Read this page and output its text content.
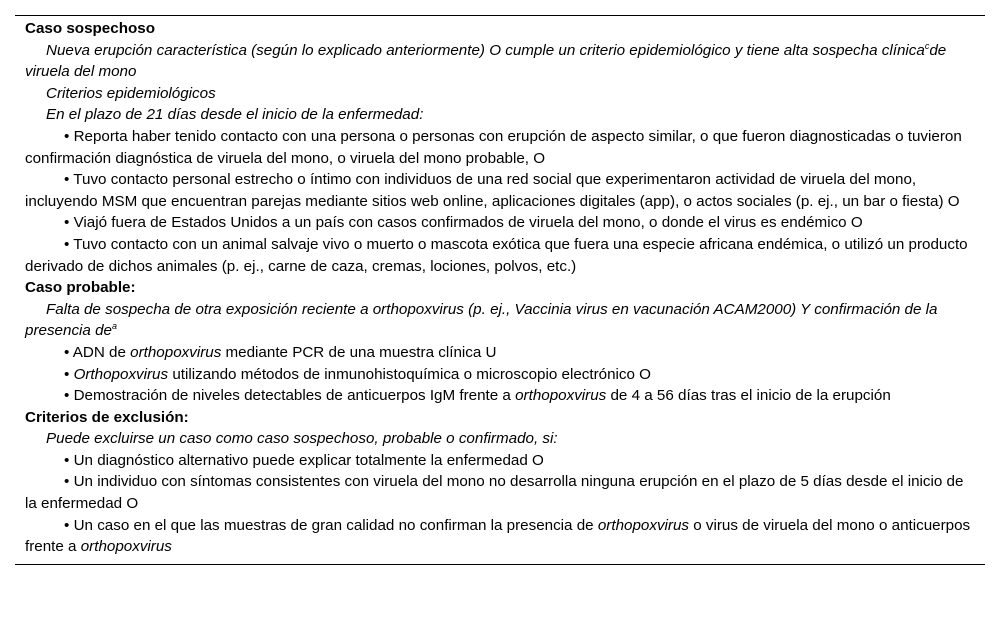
Caso sospechoso

Nueva erupción característica (según lo explicado anteriormente) O cumple un criterio epidemiológico y tiene alta sospecha clínica$^c$de viruela del mono

Criterios epidemiológicos

En el plazo de 21 días desde el inicio de la enfermedad:

• Reporta haber tenido contacto con una persona o personas con erupción de aspecto similar, o que fueron diagnosticadas o tuvieron confirmación diagnóstica de viruela del mono, o viruela del mono probable, O

• Tuvo contacto personal estrecho o íntimo con individuos de una red social que experimentaron actividad de viruela del mono, incluyendo MSM que encuentran parejas mediante sitios web online, aplicaciones digitales (app), o actos sociales (p. ej., un bar o fiesta) O

• Viajó fuera de Estados Unidos a un país con casos confirmados de viruela del mono, o donde el virus es endémico O

• Tuvo contacto con un animal salvaje vivo o muerto o mascota exótica que fuera una especie africana endémica, o utilizó un producto derivado de dichos animales (p. ej., carne de caza, cremas, lociones, polvos, etc.)

Caso probable:

Falta de sospecha de otra exposición reciente a orthopoxvirus (p. ej., Vaccinia virus en vacunación ACAM2000) Y confirmación de la presencia $de^a$

• ADN de orthopoxvirus mediante PCR de una muestra clínica U

• Orthopoxvirus utilizando métodos de inmunohistoquímica o microscopio electrónico O

• Demostración de niveles detectables de anticuerpos IgM frente a orthopoxvirus de 4 a 56 días tras el inicio de la erupción

Criterios de exclusión:

Puede excluirse un caso como caso sospechoso, probable o confirmado, si:

• Un diagnóstico alternativo puede explicar totalmente la enfermedad O

• Un individuo con síntomas consistentes con viruela del mono no desarrolla ninguna erupción en el plazo de 5 días desde el inicio de la enfermedad O

• Un caso en el que las muestras de gran calidad no confirman la presencia de orthopoxvirus o virus de viruela del mono o anticuerpos frente a orthopoxvirus
